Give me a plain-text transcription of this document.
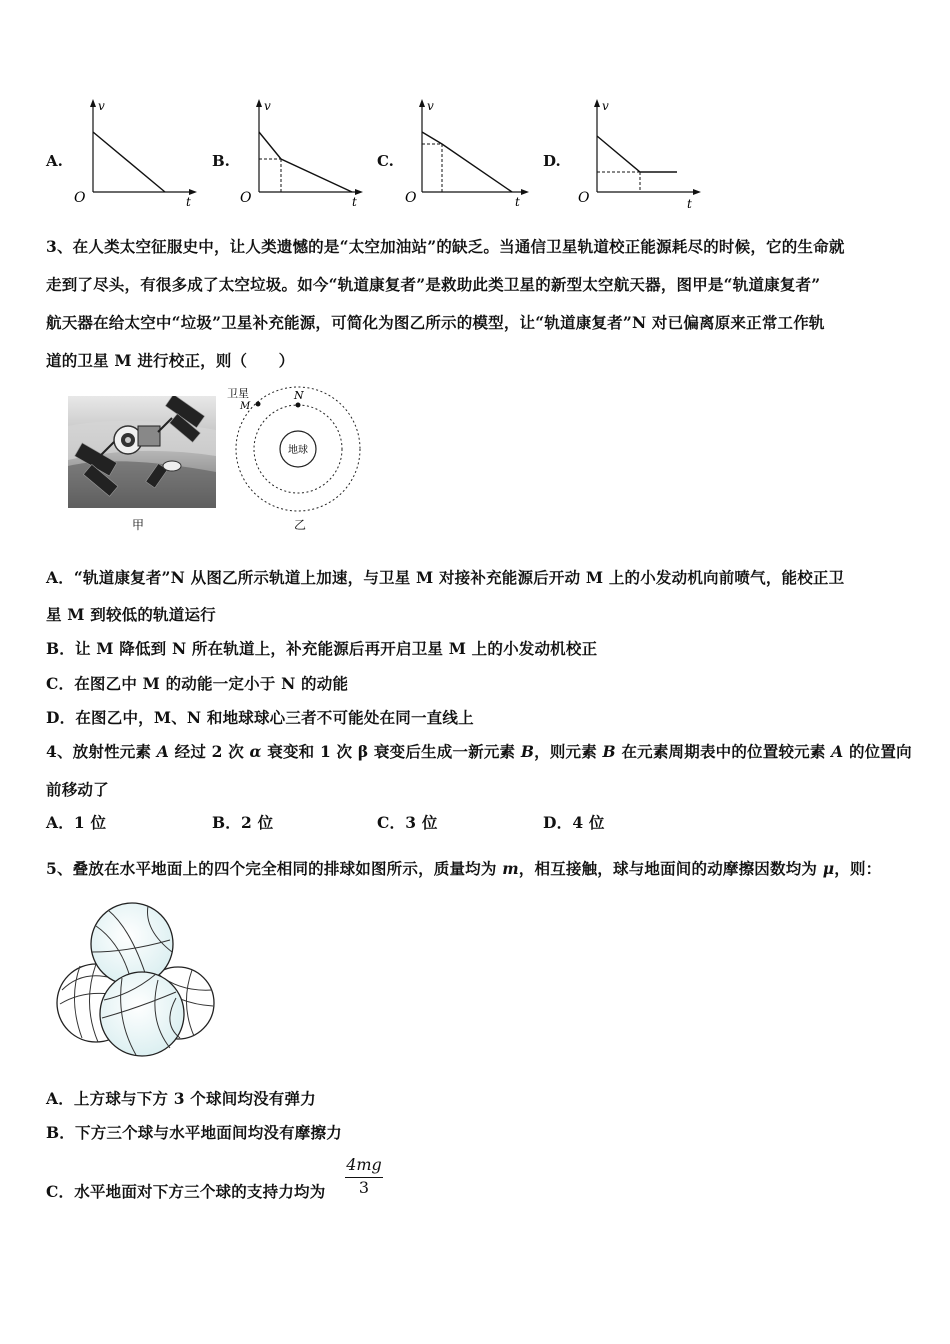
A.
v
t
O
B.
v
t
O
C.
v
t
O
D.
v
t
O
3、在人类太空征服史中，让人类遗憾的是“太空加油站”的缺乏。当通信卫星轨道校正能源耗尽的时候，它的生命就
走到了尽头，有很多成了太空垃圾。如今“轨道康复者”是救助此类卫星的新型太空航天器，图甲是“轨道康复者”
航天器在给太空中“垃圾”卫星补充能源，可简化为图乙所示的模型，让“轨道康复者”N 对已偏离原来正常工作轨
道的卫星 M 进行校正，则（　　）
甲
地球
卫星
M
N
乙
A．“轨道康复者”N 从图乙所示轨道上加速，与卫星 M 对接补充能源后开动 M 上的小发动机向前喷气，能校正卫
星 M 到较低的轨道运行
B．让 M 降低到 N 所在轨道上，补充能源后再开启卫星 M 上的小发动机校正
C．在图乙中 M 的动能一定小于 N 的动能
D．在图乙中，M、N 和地球球心三者不可能处在同一直线上
4、放射性元素 A 经过 2 次 α 衰变和 1 次 β 衰变后生成一新元素 B，则元素 B 在元素周期表中的位置较元素 A 的位置向
前移动了
A．1 位	B．2 位	C．3 位	D．4 位
5、叠放在水平地面上的四个完全相同的排球如图所示，质量均为 m，相互接触，球与地面间的动摩擦因数均为 μ，则：
A．上方球与下方 3 个球间均没有弹力
B．下方三个球与水平地面间均没有摩擦力
C．水平地面对下方三个球的支持力均为
4mg
3
